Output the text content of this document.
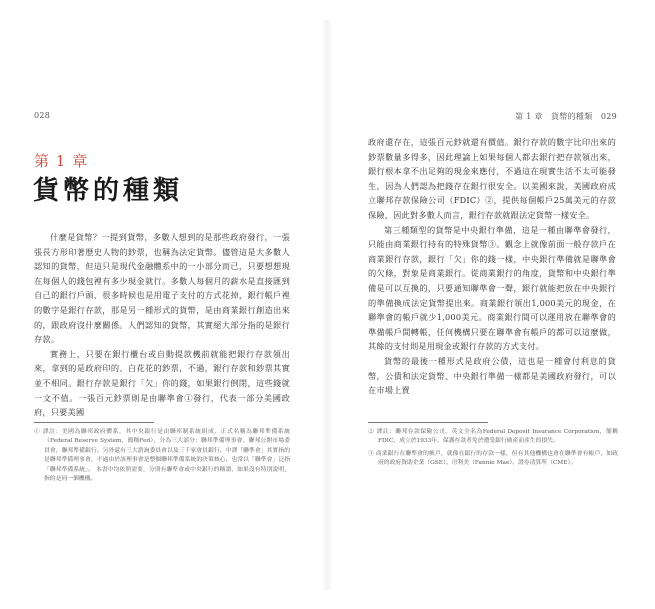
028
第 1 章
貨幣的種類

什麼是貨幣？一提到貨幣，多數人想到的是那些政府發行，一張張長方形印著歷史人物的鈔票，也稱為法定貨幣。儘管這是大多數人認知的貨幣，但這只是現代金融體系中的一小部分而已，只要想想現在每個人的錢包裡有多少現金就行。多數人每個月的薪水是直接匯到自己的銀行戶頭，很多時候也是用電子支付的方式花掉，銀行帳戶裡的數字是銀行存款，那是另一種形式的貨幣，是由商業銀行創造出來的，跟政府沒什麼關係。人們認知的貨幣，其實絕大部分指的是銀行存款。

實務上，只要在銀行櫃台或自動提款機前就能把銀行存款領出來，拿到的是政府印的、白花花的鈔票，不過，銀行存款和鈔票其實並不相同。銀行存款是銀行「欠」你的錢，如果銀行倒閉，這些錢就一文不值。一張百元鈔票則是由聯準會①發行，代表一部分美國政府，只要美國

① 譯註：美國為聯邦政府體系，其中央銀行是由聯邦制系統組成，正式名稱為聯邦準備系統（Federal Reserve System，簡稱Fed），分為三大部分：聯邦準備理事會、聯邦公開市場委員會，聯邦準備銀行。另外還有三大諮詢委員會以及三千家會員銀行。中譯「聯準會」其實指的是聯邦準備理事會，不過由於該理事會是整個聯邦準備系統的決策核心，也常以「聯準會」泛指「聯邦準備系統」。 本書中均依照需要，分別有聯準會或中央銀行的稱謂，如果沒有特別說明，指的是同一個機構。

第 1 章　貨幣的種類　029

政府還存在，這張百元鈔就還有價值。銀行存款的數字比印出來的鈔票數量多得多，因此理論上如果每個人都去銀行把存款領出來，銀行根本拿不出足夠的現金來應付，不過這在現實生活不太可能發生，因為人們認為把錢存在銀行很安全。以美國來說，美國政府成立聯邦存款保險公司（FDIC）②，提供每個帳戶25萬美元的存款保險，因此對多數人而言，銀行存款就跟法定貨幣一樣安全。

第三種類型的貨幣是中央銀行準備，這是一種由聯準會發行，只能由商業銀行持有的特殊貨幣③。觀念上就像前面一般存款戶在商業銀行存款，銀行「欠」你的錢一樣，中央銀行準備就是聯準會的欠條，對象是商業銀行。從商業銀行的角度，貨幣和中央銀行準備是可以互換的，只要通知聯準會一聲，銀行就能把放在中央銀行的準備換成法定貨幣提出來。商業銀行領出1,000美元的現金，在聯準會的帳戶就少1,000美元。商業銀行間可以運用放在聯準會的準備帳戶間轉帳，任何機構只要在聯準會有帳戶的都可以這麼做，其餘的支付則是用現金或銀行存款的方式支付。

貨幣的最後一種形式是政府公債，這也是一種會付利息的貨幣，公債和法定貨幣、中央銀行準備一樣都是美國政府發行，可以在市場上賣

② 譯註：聯邦存款保險公司，英文全名為Federal Deposit Insurance Corporation，簡稱FDIC，成立於1933年，保護存款者免於遭受銀行破產而產生的損失。

③ 商業銀行在聯準會的帳戶，就像在銀行的存款一樣，但有其他機構也會在聯準會有帳戶，如政府的政府資助企業（GSE）、房利美（Fannie Mae）、證券清算所（CME）。
